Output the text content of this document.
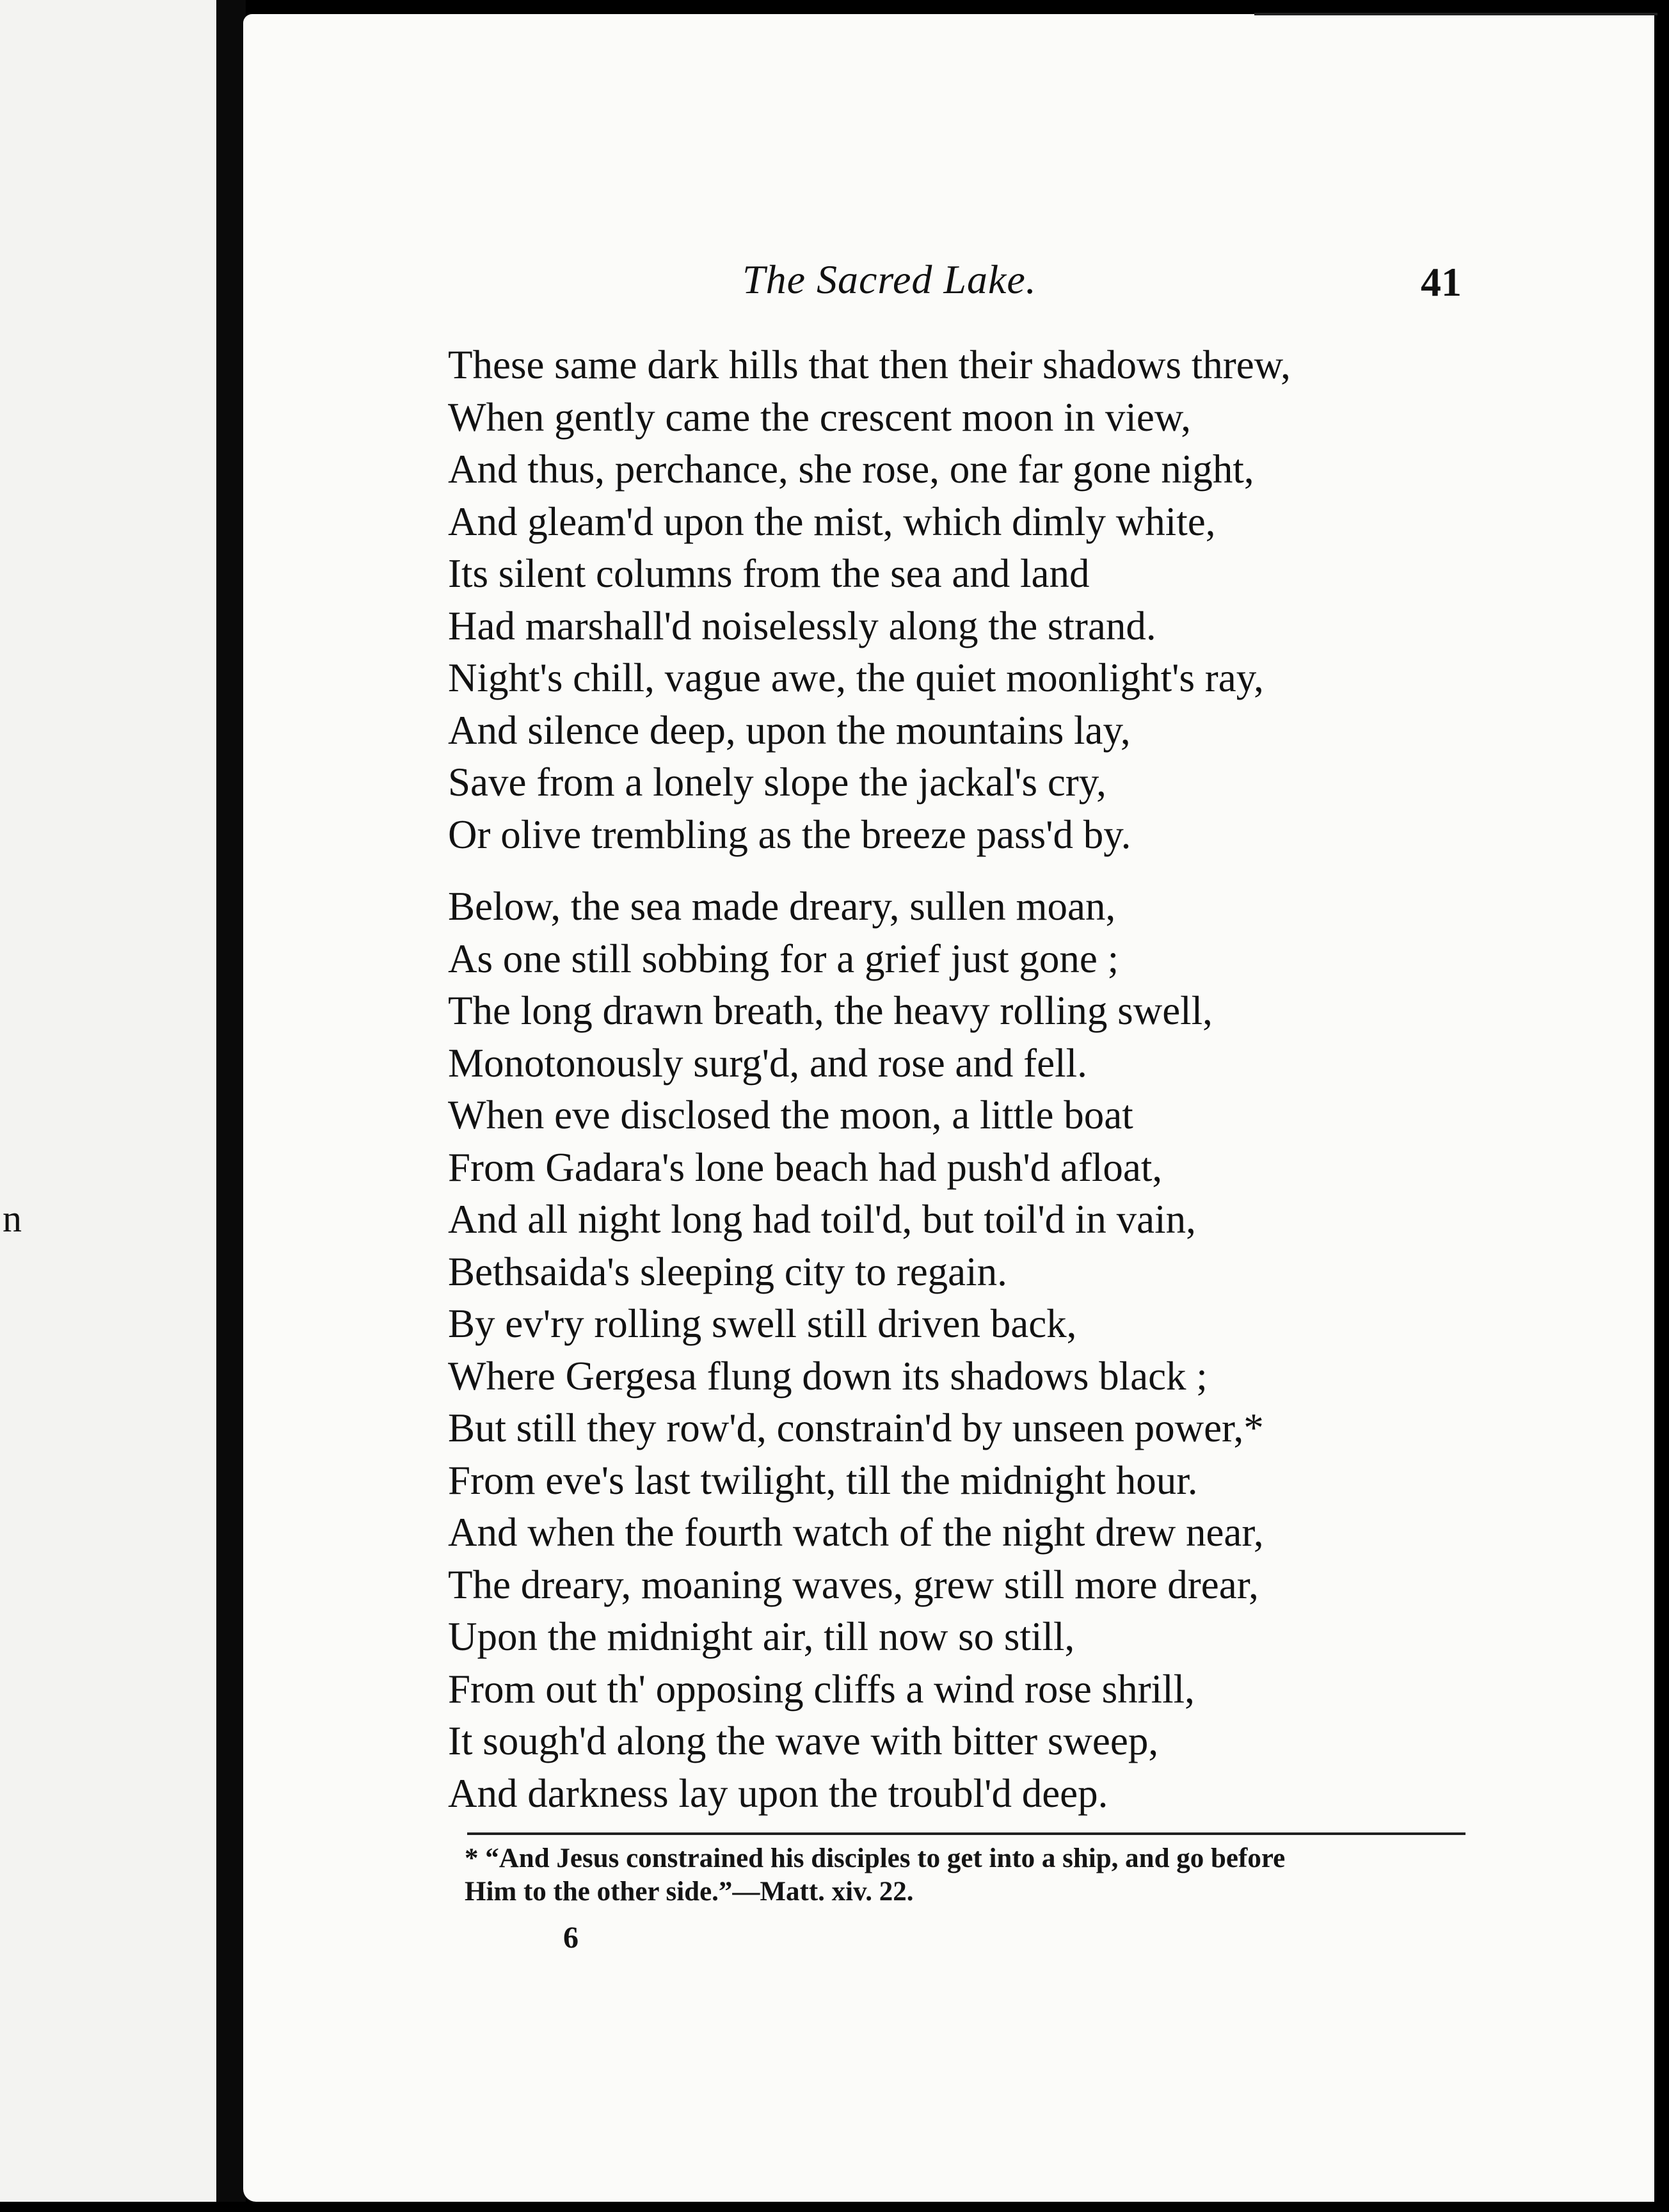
n
The Sacred Lake.	41
These same dark hills that then their shadows threw,
When gently came the crescent moon in view,
And thus, perchance, she rose, one far gone night,
And gleam'd upon the mist, which dimly white,
Its silent columns from the sea and land
Had marshall'd noiselessly along the strand.
Night's chill, vague awe, the quiet moonlight's ray,
And silence deep, upon the mountains lay,
Save from a lonely slope the jackal's cry,
Or olive trembling as the breeze pass'd by.
Below, the sea made dreary, sullen moan,
As one still sobbing for a grief just gone ;
The long drawn breath, the heavy rolling swell,
Monotonously surg'd, and rose and fell.
When eve disclosed the moon, a little boat
From Gadara's lone beach had push'd afloat,
And all night long had toil'd, but toil'd in vain,
Bethsaida's sleeping city to regain.
By ev'ry rolling swell still driven back,
Where Gergesa flung down its shadows black ;
But still they row'd, constrain'd by unseen power,*
From eve's last twilight, till the midnight hour.
And when the fourth watch of the night drew near,
The dreary, moaning waves, grew still more drear,
Upon the midnight air, till now so still,
From out th' opposing cliffs a wind rose shrill,
It sough'd along the wave with bitter sweep,
And darkness lay upon the troubl'd deep.
* “And Jesus constrained his disciples to get into a ship, and go before
Him to the other side.”—Matt. xiv. 22.
6
